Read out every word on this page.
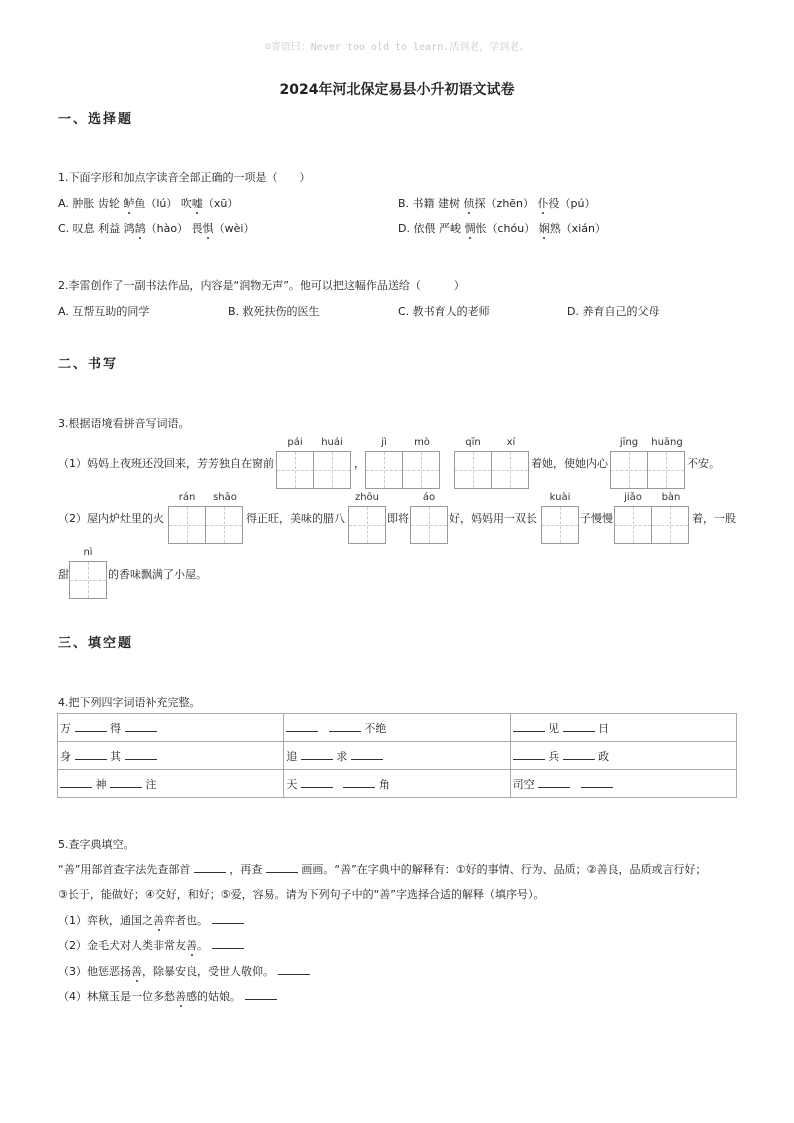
☺寄语曰：Never too old to learn.活到老，学到老。
2024年河北保定易县小升初语文试卷
一、选择题
1.下面字形和加点字读音全部正确的一项是（　　）
A. 肿胀 齿轮 鲈鱼（lú） 吹嘘（xū）	B. 书籍 建树 侦探（zhēn） 仆役（pú）
C. 叹息 利益 鸿鹄（hào） 畏惧（wèi）	D. 依偎 严峻 惆怅（chóu） 娴熟（xián）
2.李雷创作了一副书法作品，内容是“润物无声”。他可以把这幅作品送给（　　　）
A. 互帮互助的同学	B. 救死扶伤的医生	C. 教书育人的老师	D. 养育自己的父母
二、书写
3.根据语境看拼音写词语。
（1）妈妈上夜班还没回来，芳芳独自在窗前
pái	huái
，
jì	mò	qīn	xí
着她，使她内心
jīng	huāng
不安。
（2）屋内炉灶里的火
rán	shāo
得正旺，美味的腊八
zhōu
即将
áo
好，妈妈用一双长
kuài
子慢慢
jiǎo	bàn
着，一股
甜
nì
的香味飘满了小屋。
三、填空题
4.把下列四字词语补充完整。
万 得	不绝	见 日
身 其	追 求	兵 政
神 注	天 角	司空
5.查字典填空。
“善”用部首查字法先查部首	，再查	画画。“善”在字典中的解释有：①好的事情、行为、品质；②善良，品质或言行好；
③长于，能做好；④交好，和好；⑤爱，容易。请为下列句子中的“善”字选择合适的解释（填序号）。
（1）弈秋，通国之善弈者也。
（2）金毛犬对人类非常友善。
（3）他惩恶扬善，除暴安良，受世人敬仰。
（4）林黛玉是一位多愁善感的姑娘。
